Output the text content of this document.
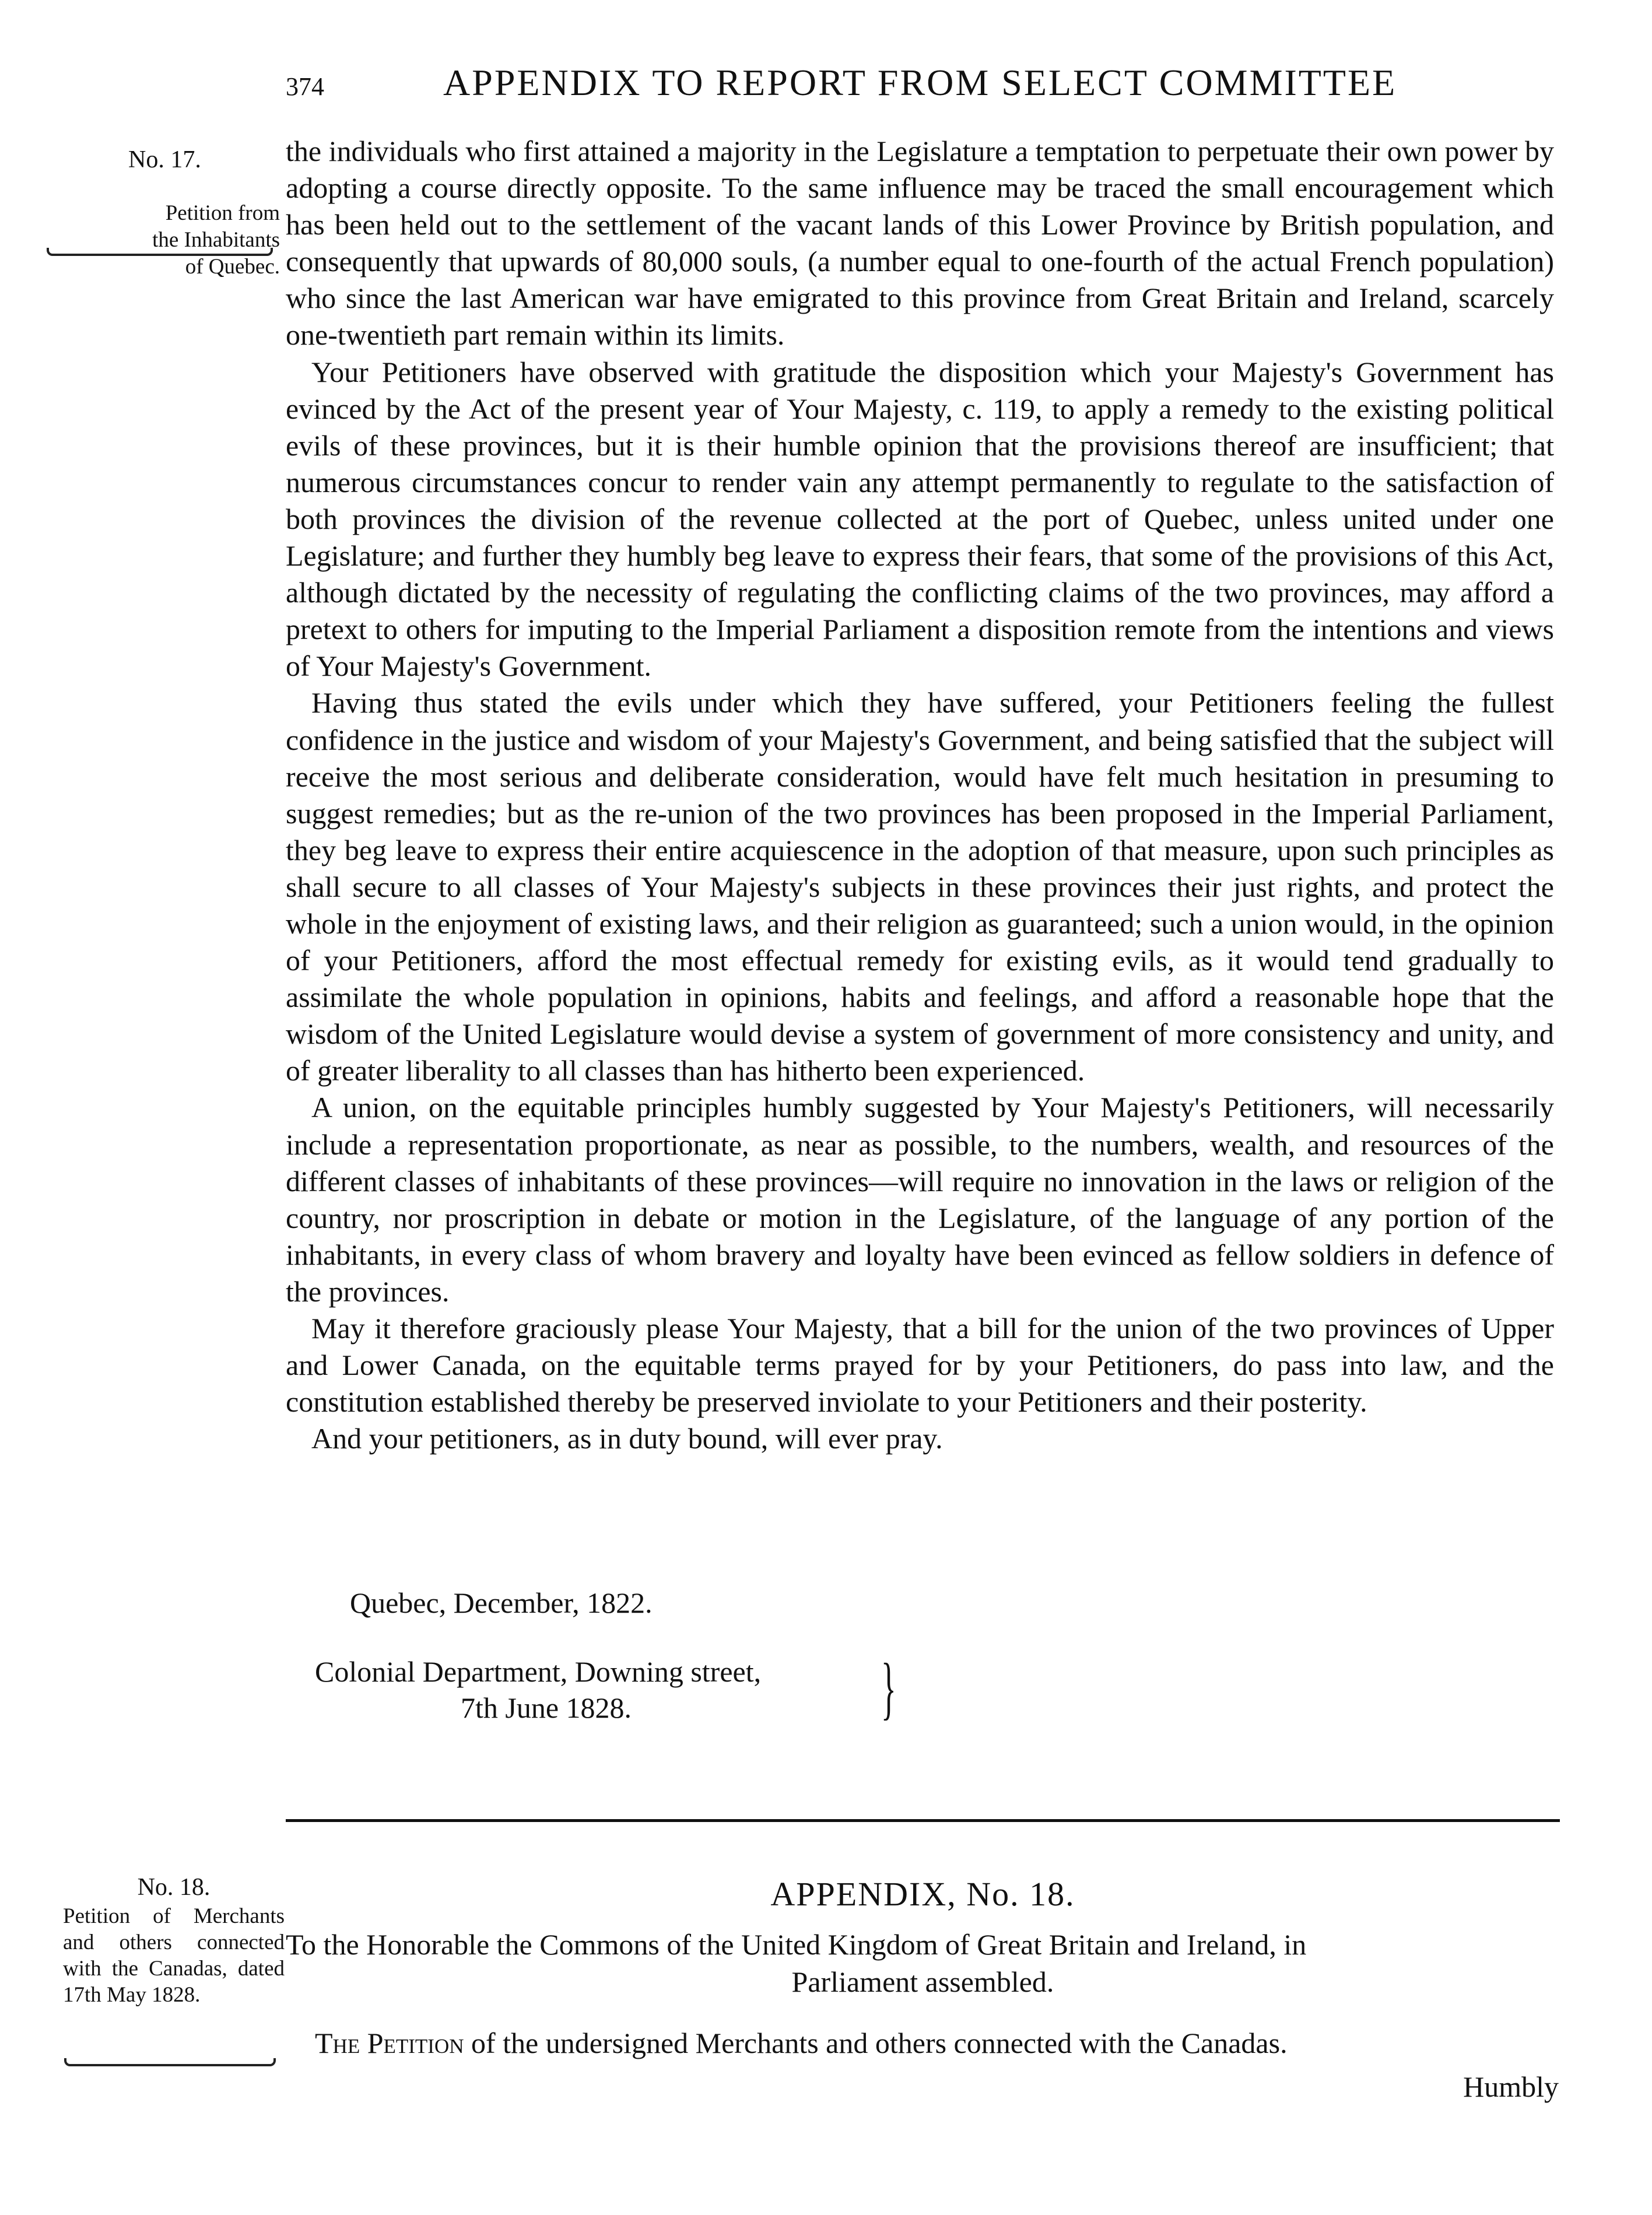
374	APPENDIX TO REPORT FROM SELECT COMMITTEE

No. 17.

Petition from
the Inhabitants
of Quebec.

the individuals who first attained a majority in the Legislature a temptation to perpetuate their own power by adopting a course directly opposite. To the same influence may be traced the small encouragement which has been held out to the settlement of the vacant lands of this Lower Province by British population, and consequently that upwards of 80,000 souls, (a number equal to one-fourth of the actual French population) who since the last American war have emigrated to this province from Great Britain and Ireland, scarcely one-twentieth part remain within its limits.

Your Petitioners have observed with gratitude the disposition which your Majesty's Government has evinced by the Act of the present year of Your Majesty, c. 119, to apply a remedy to the existing political evils of these provinces, but it is their humble opinion that the provisions thereof are insufficient; that numerous circumstances concur to render vain any attempt permanently to regulate to the satisfaction of both provinces the division of the revenue collected at the port of Quebec, unless united under one Legislature; and further they humbly beg leave to express their fears, that some of the provisions of this Act, although dictated by the necessity of regulating the conflicting claims of the two provinces, may afford a pretext to others for imputing to the Imperial Parliament a disposition remote from the intentions and views of Your Majesty's Government.

Having thus stated the evils under which they have suffered, your Petitioners feeling the fullest confidence in the justice and wisdom of your Majesty's Government, and being satisfied that the subject will receive the most serious and deliberate consideration, would have felt much hesitation in presuming to suggest remedies; but as the re-union of the two provinces has been proposed in the Imperial Parliament, they beg leave to express their entire acquiescence in the adoption of that measure, upon such principles as shall secure to all classes of Your Majesty's subjects in these provinces their just rights, and protect the whole in the enjoyment of existing laws, and their religion as guaranteed; such a union would, in the opinion of your Petitioners, afford the most effectual remedy for existing evils, as it would tend gradually to assimilate the whole population in opinions, habits and feelings, and afford a reasonable hope that the wisdom of the United Legislature would devise a system of government of more consistency and unity, and of greater liberality to all classes than has hitherto been experienced.

A union, on the equitable principles humbly suggested by Your Majesty's Petitioners, will necessarily include a representation proportionate, as near as possible, to the numbers, wealth, and resources of the different classes of inhabitants of these provinces—will require no innovation in the laws or religion of the country, nor proscription in debate or motion in the Legislature, of the language of any portion of the inhabitants, in every class of whom bravery and loyalty have been evinced as fellow soldiers in defence of the provinces.

May it therefore graciously please Your Majesty, that a bill for the union of the two provinces of Upper and Lower Canada, on the equitable terms prayed for by your Petitioners, do pass into law, and the constitution established thereby be preserved inviolate to your Petitioners and their posterity.

And your petitioners, as in duty bound, will ever pray.

Quebec, December, 1822.
Colonial Department, Downing street,
7th June 1828.	}
No. 18.
Petition of Merchants and others connected with the Canadas, dated 17th May 1828.
APPENDIX, No. 18.
To the Honorable the Commons of the United Kingdom of Great Britain and Ireland, in
Parliament assembled.
The Petition of the undersigned Merchants and others connected with the Canadas.
Humbly
